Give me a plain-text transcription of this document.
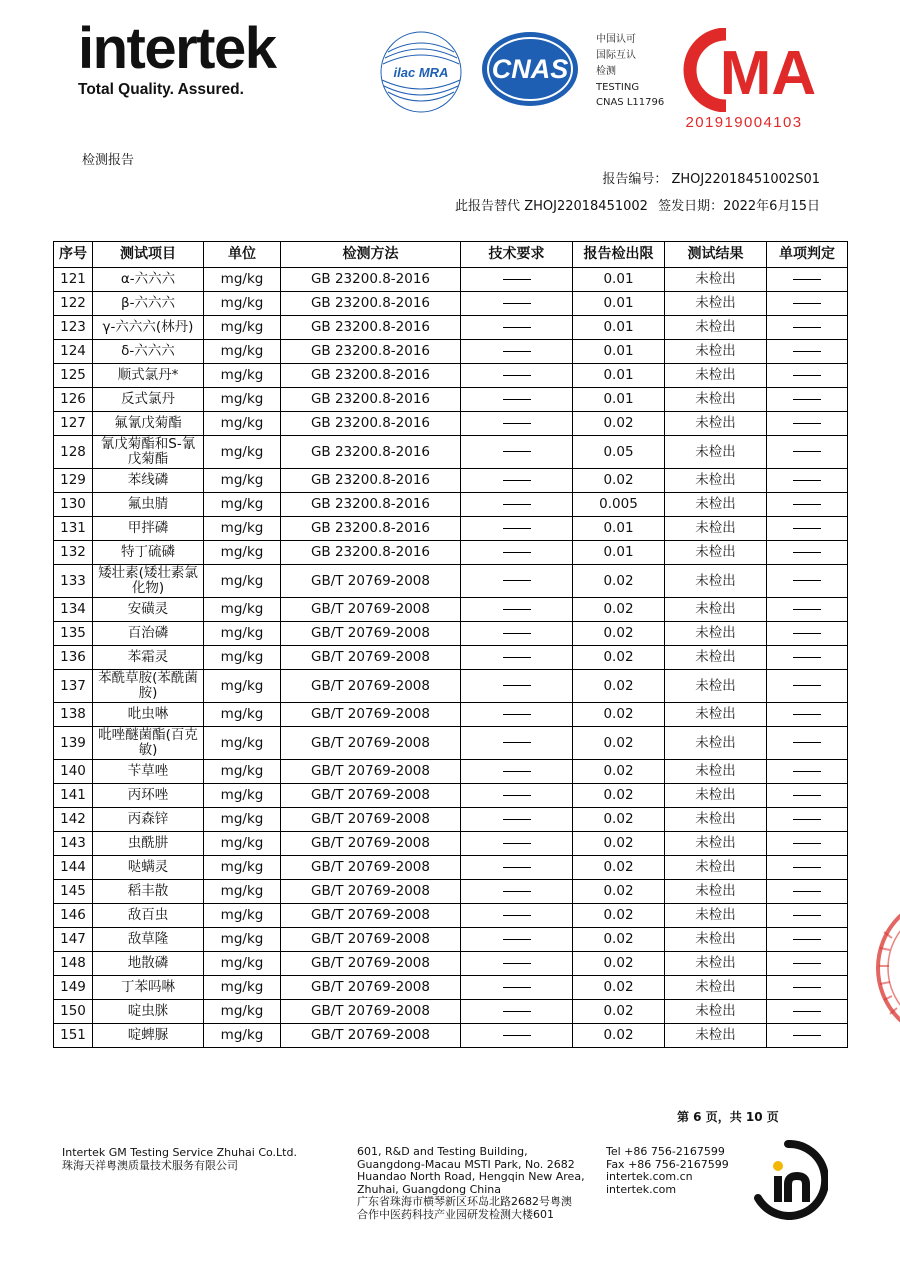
intertek
Total Quality. Assured.
ilac MRA CNAS
中国认可
国际互认
检测
TESTING
CNAS L11796 MA
201919004103
检测报告
报告编号： ZHOJ22018451002S01
此报告替代 ZHOJ22018451002 签发日期：2022年6月15日
序号	测试项目	单位	检测方法	技术要求	报告检出限	测试结果	单项判定
121	α-六六六	mg/kg	GB 23200.8-2016		0.01	未检出	
122	β-六六六	mg/kg	GB 23200.8-2016		0.01	未检出	
123	γ-六六六(林丹)	mg/kg	GB 23200.8-2016		0.01	未检出	
124	δ-六六六	mg/kg	GB 23200.8-2016		0.01	未检出	
125	顺式氯丹*	mg/kg	GB 23200.8-2016		0.01	未检出	
126	反式氯丹	mg/kg	GB 23200.8-2016		0.01	未检出	
127	氟氰戊菊酯	mg/kg	GB 23200.8-2016		0.02	未检出	
128	氰戊菊酯和S-氰戊菊酯	mg/kg	GB 23200.8-2016		0.05	未检出	
129	苯线磷	mg/kg	GB 23200.8-2016		0.02	未检出	
130	氟虫腈	mg/kg	GB 23200.8-2016		0.005	未检出	
131	甲拌磷	mg/kg	GB 23200.8-2016		0.01	未检出	
132	特丁硫磷	mg/kg	GB 23200.8-2016		0.01	未检出	
133	矮壮素(矮壮素氯化物)	mg/kg	GB/T 20769-2008		0.02	未检出	
134	安磺灵	mg/kg	GB/T 20769-2008		0.02	未检出	
135	百治磷	mg/kg	GB/T 20769-2008		0.02	未检出	
136	苯霜灵	mg/kg	GB/T 20769-2008		0.02	未检出	
137	苯酰草胺(苯酰菌胺)	mg/kg	GB/T 20769-2008		0.02	未检出	
138	吡虫啉	mg/kg	GB/T 20769-2008		0.02	未检出	
139	吡唑醚菌酯(百克敏)	mg/kg	GB/T 20769-2008		0.02	未检出	
140	苄草唑	mg/kg	GB/T 20769-2008		0.02	未检出	
141	丙环唑	mg/kg	GB/T 20769-2008		0.02	未检出	
142	丙森锌	mg/kg	GB/T 20769-2008		0.02	未检出	
143	虫酰肼	mg/kg	GB/T 20769-2008		0.02	未检出	
144	哒螨灵	mg/kg	GB/T 20769-2008		0.02	未检出	
145	稻丰散	mg/kg	GB/T 20769-2008		0.02	未检出	
146	敌百虫	mg/kg	GB/T 20769-2008		0.02	未检出	
147	敌草隆	mg/kg	GB/T 20769-2008		0.02	未检出	
148	地散磷	mg/kg	GB/T 20769-2008		0.02	未检出	
149	丁苯吗啉	mg/kg	GB/T 20769-2008		0.02	未检出	
150	啶虫脒	mg/kg	GB/T 20769-2008		0.02	未检出	
151	啶蜱脲	mg/kg	GB/T 20769-2008		0.02	未检出	
第 6 页，共 10 页
Intertek GM Testing Service Zhuhai Co.Ltd.
珠海天祥粤澳质量技术服务有限公司
601, R&D and Testing Building,
Guangdong-Macau MSTI Park, No. 2682
Huandao North Road, Hengqin New Area,
Zhuhai, Guangdong China
广东省珠海市横琴新区环岛北路2682号粤澳
合作中医药科技产业园研发检测大楼601
Tel +86 756-2167599
Fax +86 756-2167599
intertek.com.cn
intertek.com
